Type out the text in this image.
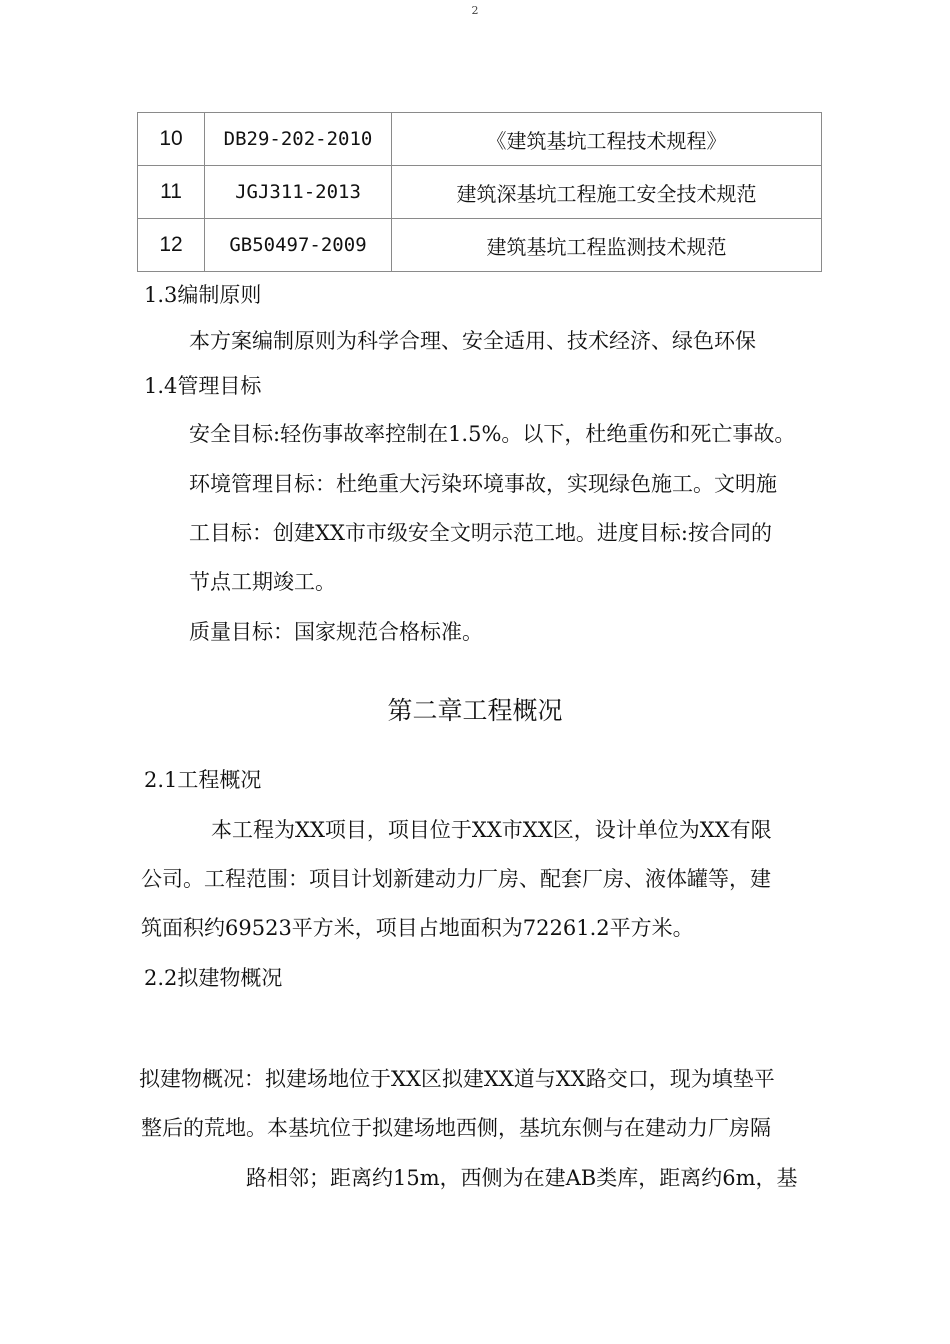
2
10	DB29-202-2010	《建筑基坑工程技术规程》
11	JGJ311-2013	建筑深基坑工程施工安全技术规范
12	GB50497-2009	建筑基坑工程监测技术规范
1.3编制原则
本方案编制原则为科学合理、安全适用、技术经济、绿色环保
1.4管理目标
安全目标:轻伤事故率控制在1.5%。以下，杜绝重伤和死亡事故。
环境管理目标：杜绝重大污染环境事故，实现绿色施工。文明施
工目标：创建XX市市级安全文明示范工地。进度目标:按合同的
节点工期竣工。
质量目标：国家规范合格标准。
第二章工程概况
2.1工程概况
本工程为XX项目，项目位于XX市XX区，设计单位为XX有限
公司。工程范围：项目计划新建动力厂房、配套厂房、液体罐等，建
筑面积约69523平方米，项目占地面积为72261.2平方米。
2.2拟建物概况
拟建物概况：拟建场地位于XX区拟建XX道与XX路交口，现为填垫平
整后的荒地。本基坑位于拟建场地西侧，基坑东侧与在建动力厂房隔
路相邻；距离约15m，西侧为在建AB类库，距离约6m，基
